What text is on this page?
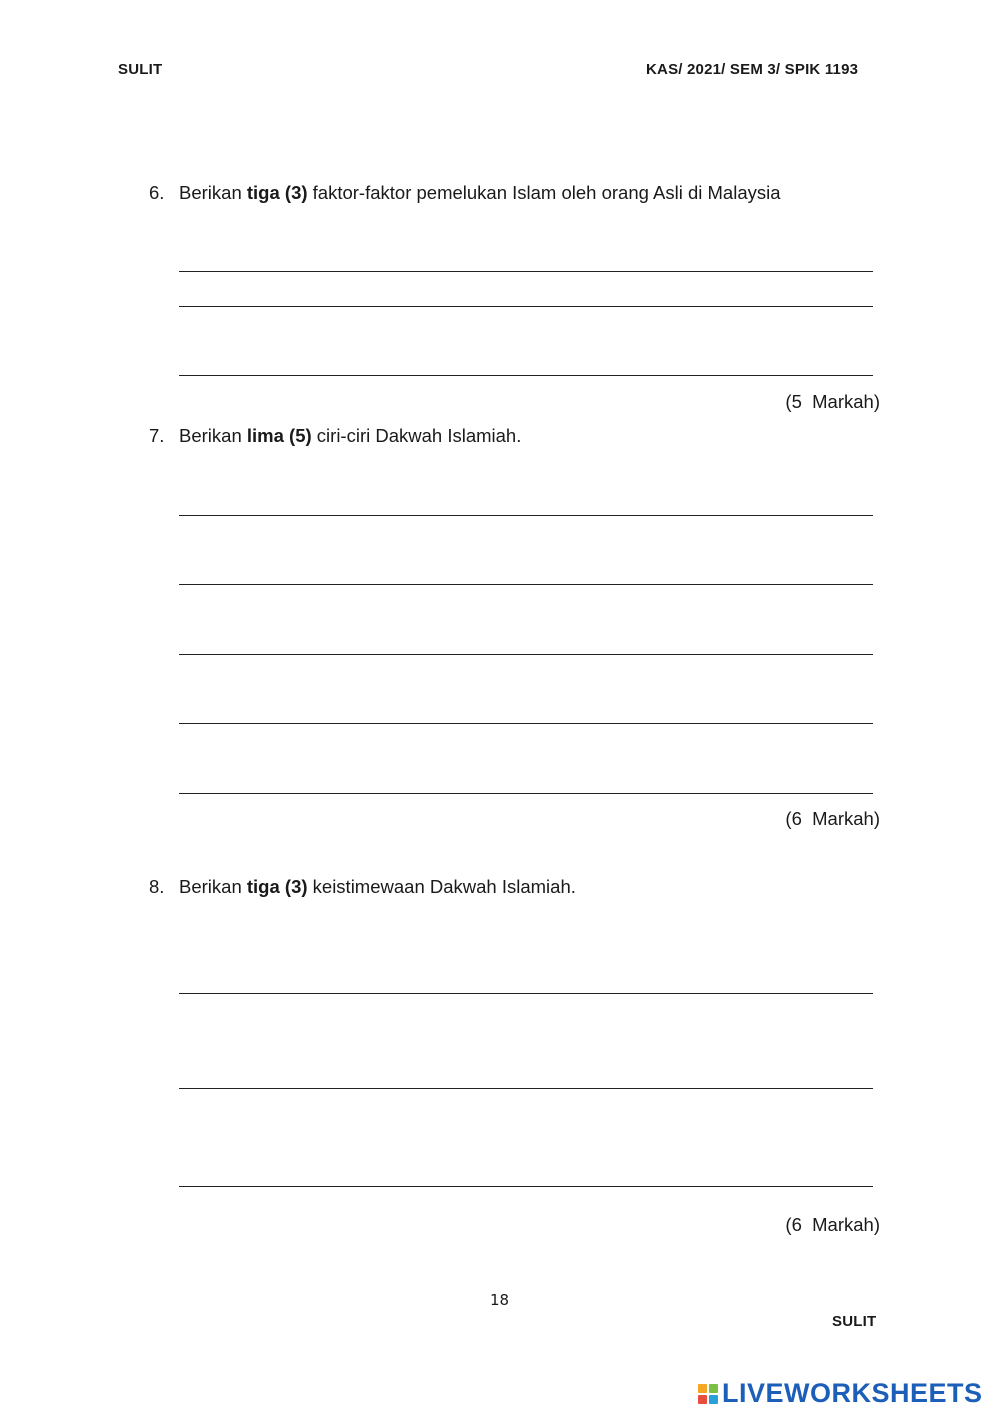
SULIT	KAS/ 2021/ SEM 3/ SPIK 1193
6. Berikan tiga (3) faktor-faktor pemelukan Islam oleh orang Asli di Malaysia
(5  Markah)
7. Berikan lima (5) ciri-ciri Dakwah Islamiah.
(6  Markah)
8. Berikan tiga (3) keistimewaan Dakwah Islamiah.
(6  Markah)
18
SULIT
LIVEWORKSHEETS
